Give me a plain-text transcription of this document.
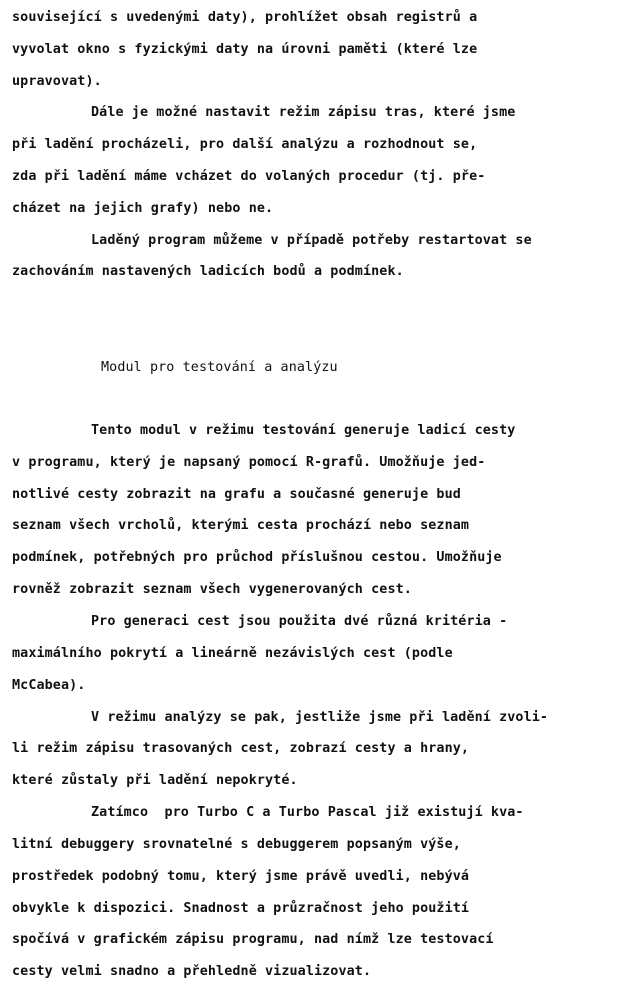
související s uvedenými daty), prohlížet obsah registrů a
vyvolat okno s fyzickými daty na úrovni paměti (které lze
upravovat).
Dále je možné nastavit režim zápisu tras, které jsme
při ladění procházeli, pro další analýzu a rozhodnout se,
zda při ladění máme vcházet do volaných procedur (tj. pře-
cházet na jejich grafy) nebo ne.
Laděný program můžeme v případě potřeby restartovat se
zachováním nastavených ladicích bodů a podmínek.
Modul pro testování a analýzu
Tento modul v režimu testování generuje ladicí cesty
v programu, který je napsaný pomocí R-grafů. Umožňuje jed-
notlivé cesty zobrazit na grafu a současné generuje bud
seznam všech vrcholů, kterými cesta prochází nebo seznam
podmínek, potřebných pro průchod příslušnou cestou. Umožňuje
rovněž zobrazit seznam všech vygenerovaných cest.
Pro generaci cest jsou použita dvé různá kritéria -
maximálního pokrytí a lineárně nezávislých cest (podle
McCabea).
V režimu analýzy se pak, jestliže jsme při ladění zvoli-
li režim zápisu trasovaných cest, zobrazí cesty a hrany,
které zůstaly při ladění nepokryté.
Zatímco  pro Turbo C a Turbo Pascal již existují kva-
litní debuggery srovnatelné s debuggerem popsaným výše,
prostředek podobný tomu, který jsme právě uvedli, nebývá
obvykle k dispozici. Snadnost a průzračnost jeho použití
spočívá v grafickém zápisu programu, nad nímž lze testovací
cesty velmi snadno a přehledně vizualizovat.
